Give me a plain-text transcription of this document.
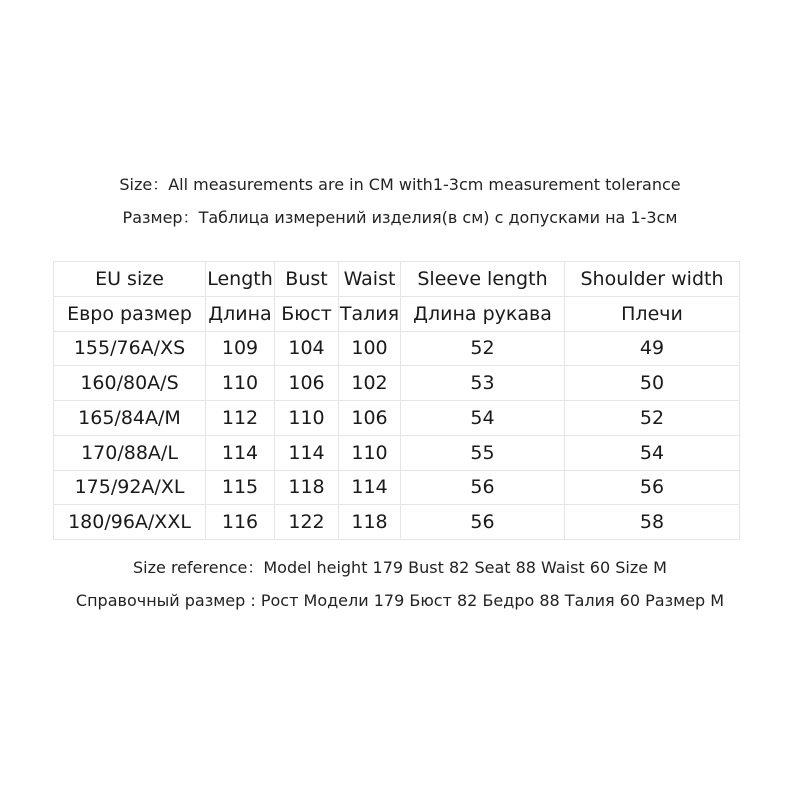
Size：All measurements are in CM with1-3cm measurement tolerance
Размер：Таблица измерений изделия(в см) с допусками на 1-3см
EU size	Length	Bust	Waist	Sleeve length	Shoulder width
Евро размер	Длина	Бюст	Талия	Длина рукава	Плечи
155/76A/XS	109	104	100	52	49
160/80A/S	110	106	102	53	50
165/84A/M	112	110	106	54	52
170/88A/L	114	114	110	55	54
175/92A/XL	115	118	114	56	56
180/96A/XXL	116	122	118	56	58
Size reference：Model height 179 Bust 82 Seat 88 Waist 60 Size M
Справочный размер : Рост Модели 179 Бюст 82 Бедро 88 Талия 60 Размер M
